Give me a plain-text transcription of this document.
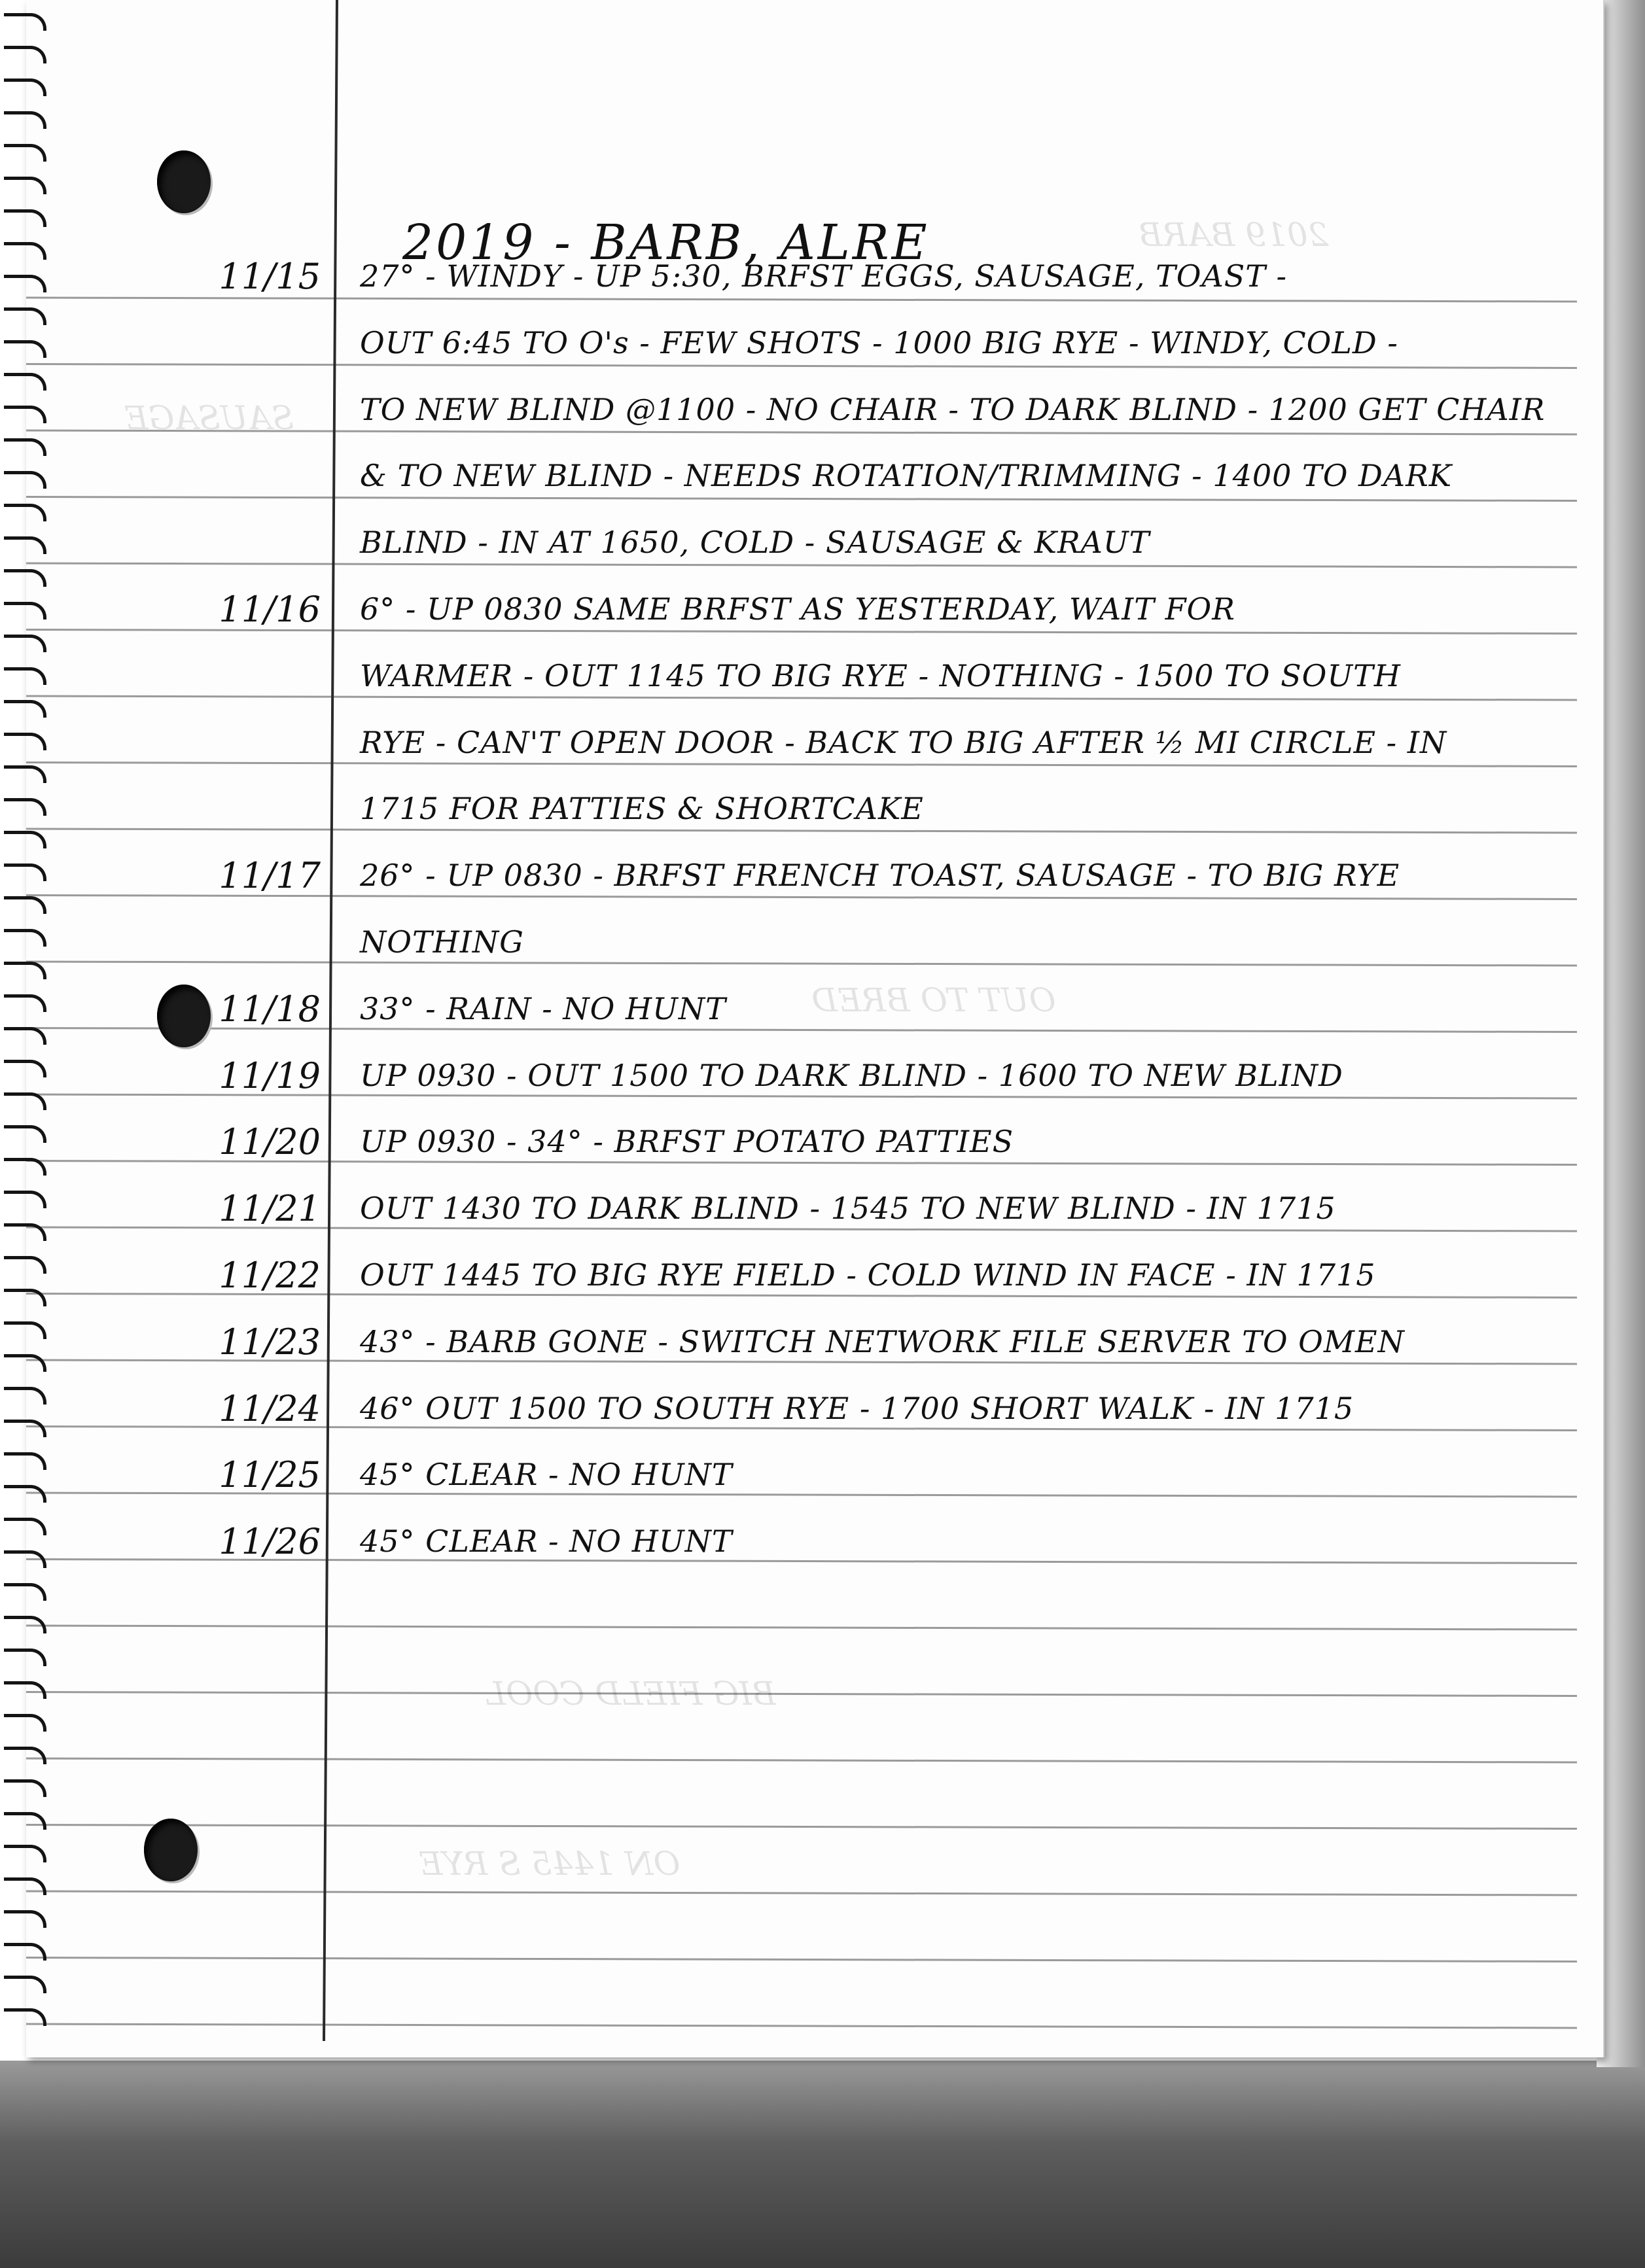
2019 BARB
SAUSAGE
OUT TO BRED
BIG FIELD COOL
ON 1445 S RYE
2019 - BARB, ALRE
11/15 27° - WINDY - UP 5:30, BRFST EGGS, SAUSAGE, TOAST -
OUT 6:45 TO O's - FEW SHOTS - 1000 BIG RYE - WINDY, COLD -
TO NEW BLIND @1100 - NO CHAIR - TO DARK BLIND - 1200 GET CHAIR
& TO NEW BLIND - NEEDS ROTATION/TRIMMING - 1400 TO DARK
BLIND - IN AT 1650, COLD - SAUSAGE & KRAUT
11/16 6° - UP 0830 SAME BRFST AS YESTERDAY, WAIT FOR
WARMER - OUT 1145 TO BIG RYE - NOTHING - 1500 TO SOUTH
RYE - CAN'T OPEN DOOR - BACK TO BIG AFTER ½ MI CIRCLE - IN
1715 FOR PATTIES & SHORTCAKE
11/17 26° - UP 0830 - BRFST FRENCH TOAST, SAUSAGE - TO BIG RYE
NOTHING
11/18 33° - RAIN - NO HUNT
11/19 UP 0930 - OUT 1500 TO DARK BLIND - 1600 TO NEW BLIND
11/20 UP 0930 - 34° - BRFST POTATO PATTIES
11/21 OUT 1430 TO DARK BLIND - 1545 TO NEW BLIND - IN 1715
11/22 OUT 1445 TO BIG RYE FIELD - COLD WIND IN FACE - IN 1715
11/23 43° - BARB GONE - SWITCH NETWORK FILE SERVER TO OMEN
11/24 46° OUT 1500 TO SOUTH RYE - 1700 SHORT WALK - IN 1715
11/25 45° CLEAR - NO HUNT
11/26 45° CLEAR - NO HUNT
